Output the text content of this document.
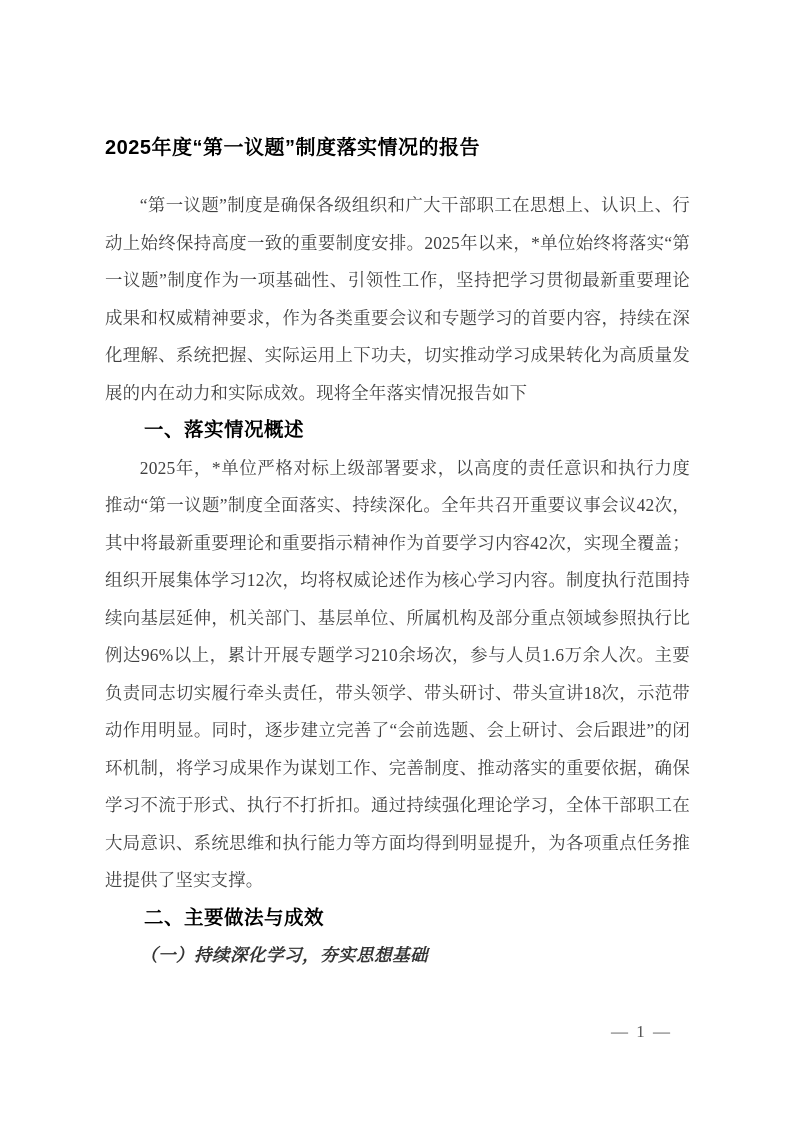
2025年度“第一议题”制度落实情况的报告

“第一议题”制度是确保各级组织和广大干部职工在思想上、认识上、行动上始终保持高度一致的重要制度安排。2025年以来，*单位始终将落实“第一议题”制度作为一项基础性、引领性工作，坚持把学习贯彻最新重要理论成果和权威精神要求，作为各类重要会议和专题学习的首要内容，持续在深化理解、系统把握、实际运用上下功夫，切实推动学习成果转化为高质量发展的内在动力和实际成效。现将全年落实情况报告如下

一、落实情况概述

2025年，*单位严格对标上级部署要求，以高度的责任意识和执行力度推动“第一议题”制度全面落实、持续深化。全年共召开重要议事会议42次，其中将最新重要理论和重要指示精神作为首要学习内容42次，实现全覆盖；组织开展集体学习12次，均将权威论述作为核心学习内容。制度执行范围持续向基层延伸，机关部门、基层单位、所属机构及部分重点领域参照执行比例达96%以上，累计开展专题学习210余场次，参与人员1.6万余人次。主要负责同志切实履行牵头责任，带头领学、带头研讨、带头宣讲18次，示范带动作用明显。同时，逐步建立完善了“会前选题、会上研讨、会后跟进”的闭环机制，将学习成果作为谋划工作、完善制度、推动落实的重要依据，确保学习不流于形式、执行不打折扣。通过持续强化理论学习，全体干部职工在大局意识、系统思维和执行能力等方面均得到明显提升，为各项重点任务推进提供了坚实支撑。

二、主要做法与成效
（一）持续深化学习，夯实思想基础
— 1 —
